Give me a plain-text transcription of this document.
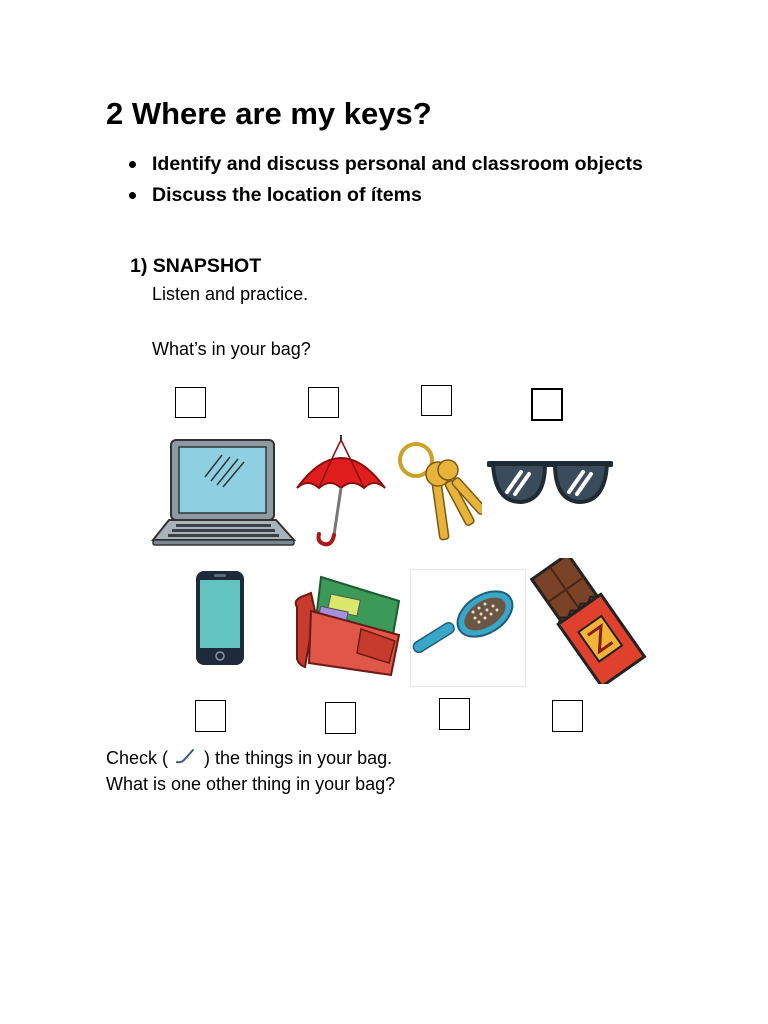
2 Where are my keys?
Identify and discuss personal and classroom objects
Discuss the location of ítems
1) SNAPSHOT
Listen and practice.
What’s in your bag?
Check ( ) the things in your bag.
What is one other thing in your bag?
